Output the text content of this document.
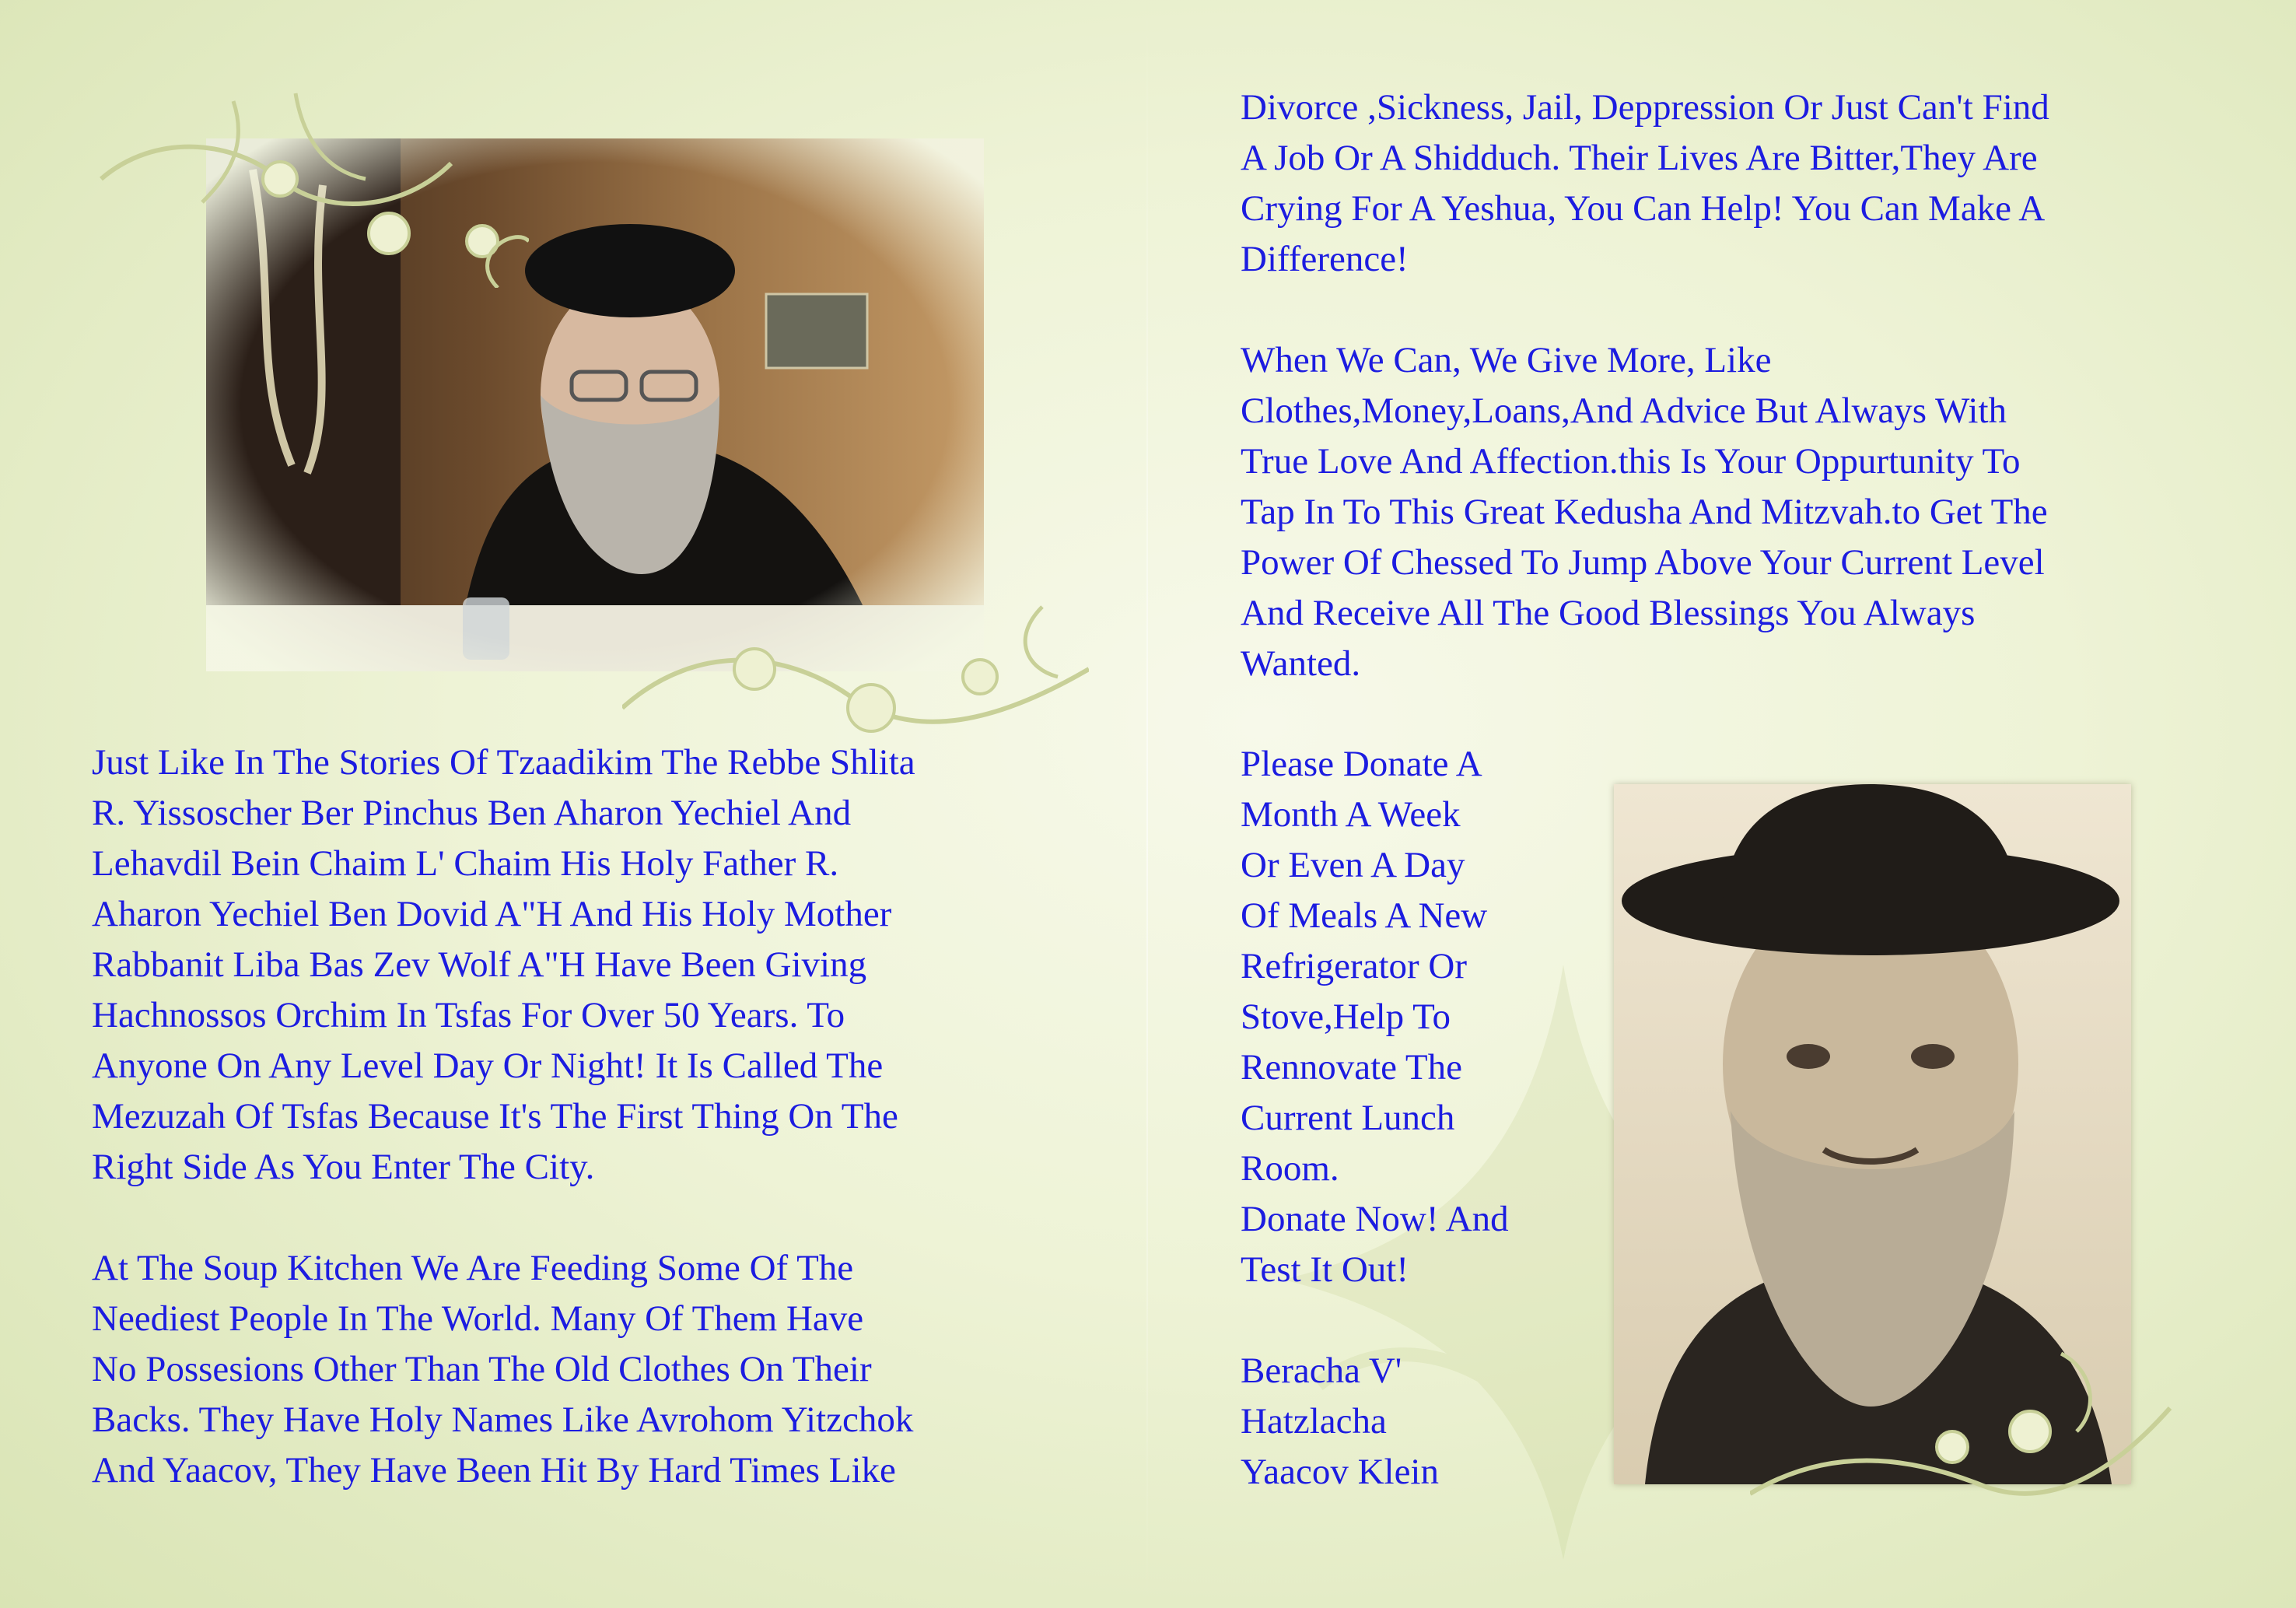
Just Like In The Stories Of Tzaadikim The Rebbe Shlita

R. Yissoscher Ber Pinchus Ben Aharon Yechiel And

Lehavdil Bein Chaim L' Chaim His Holy Father R.

Aharon Yechiel Ben Dovid A"H And His Holy Mother

Rabbanit Liba Bas Zev Wolf A"H Have Been Giving

Hachnossos Orchim In Tsfas For Over 50 Years. To

Anyone On Any Level Day Or Night! It Is Called The

Mezuzah Of Tsfas Because It's The First Thing On The

Right Side As You Enter The City.

At The Soup Kitchen We Are Feeding Some Of The

Neediest People In The World. Many Of Them Have

No Possesions Other Than The Old Clothes On Their

Backs. They Have Holy Names Like Avrohom Yitzchok

And Yaacov, They Have Been Hit By Hard Times Like

Divorce ,Sickness, Jail, Deppression Or Just Can't Find

A Job Or A Shidduch. Their Lives Are Bitter,They Are

Crying For A Yeshua, You Can Help! You Can Make A

Difference!

When We Can, We Give More, Like

Clothes,Money,Loans,And Advice But Always With

True Love And Affection.this Is Your Oppurtunity To

Tap In To This Great Kedusha And Mitzvah.to Get The

Power Of Chessed To Jump Above Your Current Level

And Receive All The Good Blessings You Always

Wanted.

Please Donate A

Month A Week

Or Even A Day

Of Meals A New

Refrigerator Or

Stove,Help To

Rennovate The

Current Lunch

Room.

Donate Now! And

Test It Out!

Beracha V'

Hatzlacha

Yaacov Klein
